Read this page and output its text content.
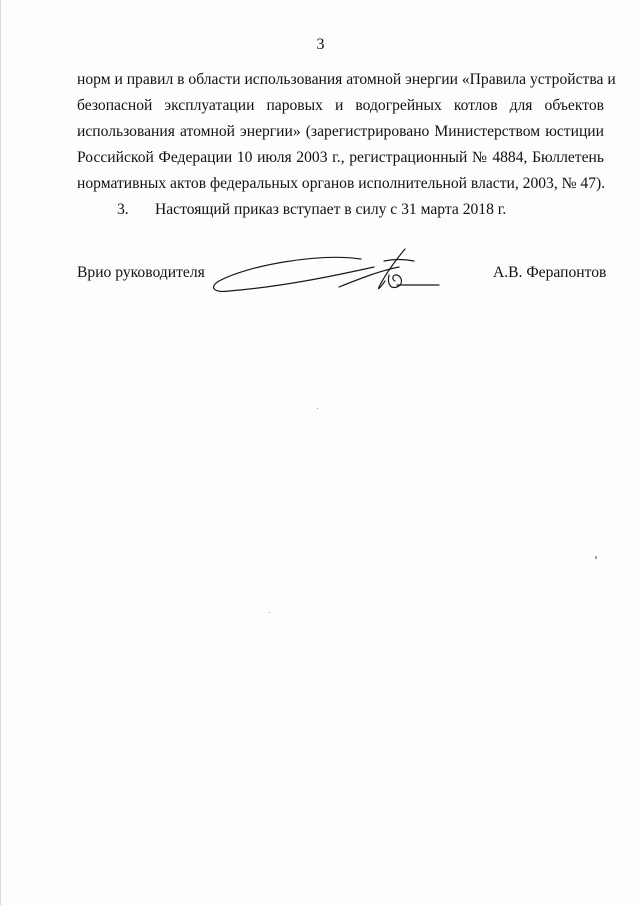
3
норм и правил в области использования атомной энергии «Правила устройства и
безопасной эксплуатации паровых и водогрейных котлов для объектов
использования атомной энергии» (зарегистрировано Министерством юстиции
Российской Федерации 10 июля 2003 г., регистрационный № 4884, Бюллетень
нормативных актов федеральных органов исполнительной власти, 2003, № 47).
3. Настоящий приказ вступает в силу с 31 марта 2018 г.
Врио руководителя	А.В. Ферапонтов
